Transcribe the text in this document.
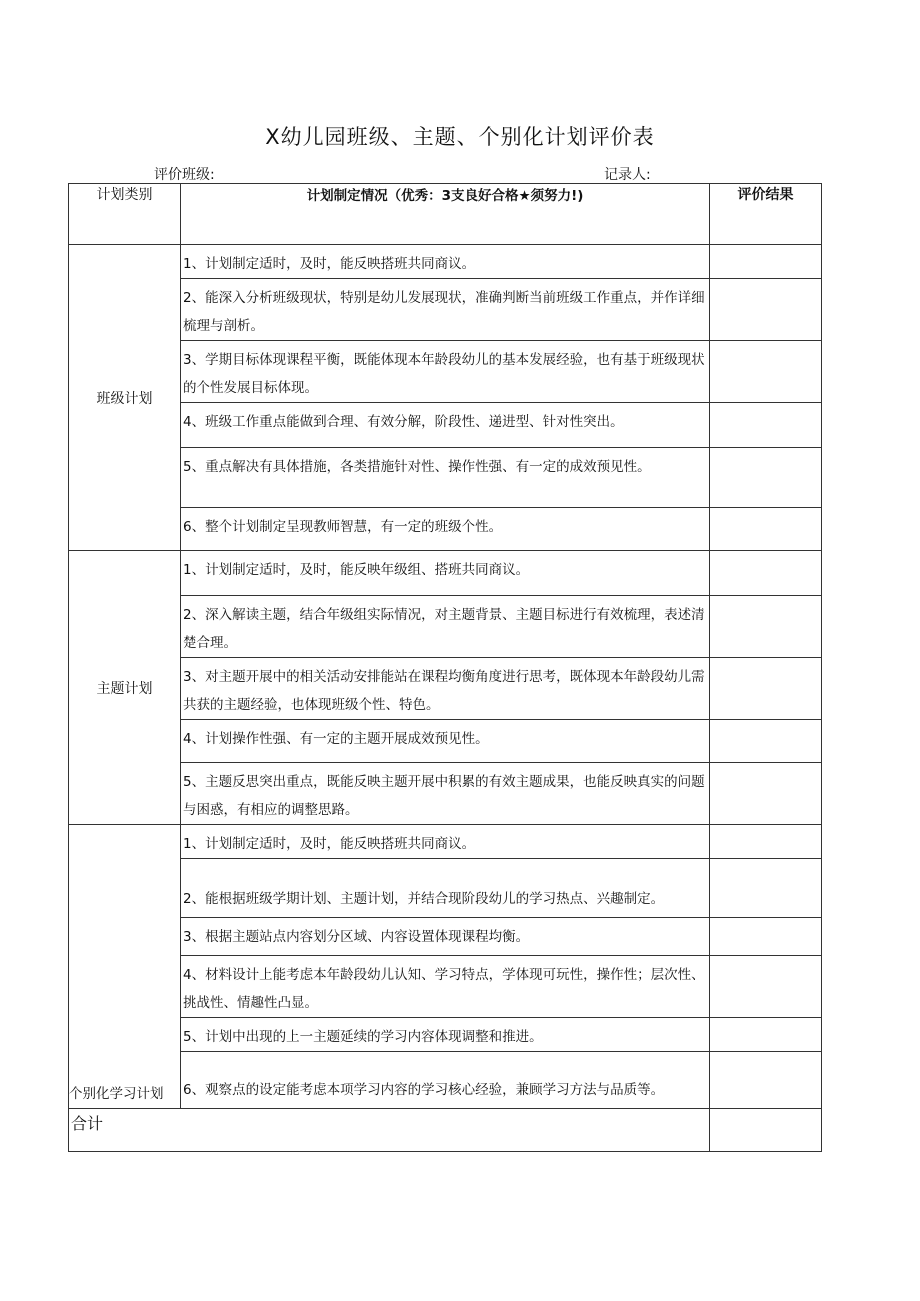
X幼儿园班级、主题、个别化计划评价表
评价班级:	记录人:
计划类别	计划制定情况（优秀：3支良好合格★须努力!)	评价结果
班级计划	1、计划制定适时，及时，能反映搭班共同商议。	
	2、能深入分析班级现状，特别是幼儿发展现状，准确判断当前班级工作重点，并作详细梳理与剖析。	
	3、学期目标体现课程平衡，既能体现本年龄段幼儿的基本发展经验，也有基于班级现状的个性发展目标体现。	
	4、班级工作重点能做到合理、有效分解，阶段性、递进型、针对性突出。	
	5、重点解决有具体措施，各类措施针对性、操作性强、有一定的成效预见性。	
	6、整个计划制定呈现教师智慧，有一定的班级个性。	
主题计划	1、计划制定适时，及时，能反映年级组、搭班共同商议。	
	2、深入解读主题，结合年级组实际情况，对主题背景、主题目标进行有效梳理，表述清楚合理。	
	3、对主题开展中的相关活动安排能站在课程均衡角度进行思考，既体现本年龄段幼儿需共获的主题经验，也体现班级个性、特色。	
	4、计划操作性强、有一定的主题开展成效预见性。	
	5、主题反思突出重点，既能反映主题开展中积累的有效主题成果，也能反映真实的问题与困惑，有相应的调整思路。	
个别化学习计划	1、计划制定适时，及时，能反映搭班共同商议。	
	2、能根据班级学期计划、主题计划，并结合现阶段幼儿的学习热点、兴趣制定。	
	3、根据主题站点内容划分区域、内容设置体现课程均衡。	
	4、材料设计上能考虑本年龄段幼儿认知、学习特点，学体现可玩性，操作性；层次性、挑战性、情趣性凸显。	
	5、计划中出现的上一主题延续的学习内容体现调整和推进。	
	6、观察点的设定能考虑本项学习内容的学习核心经验，兼顾学习方法与品质等。	
合计		
